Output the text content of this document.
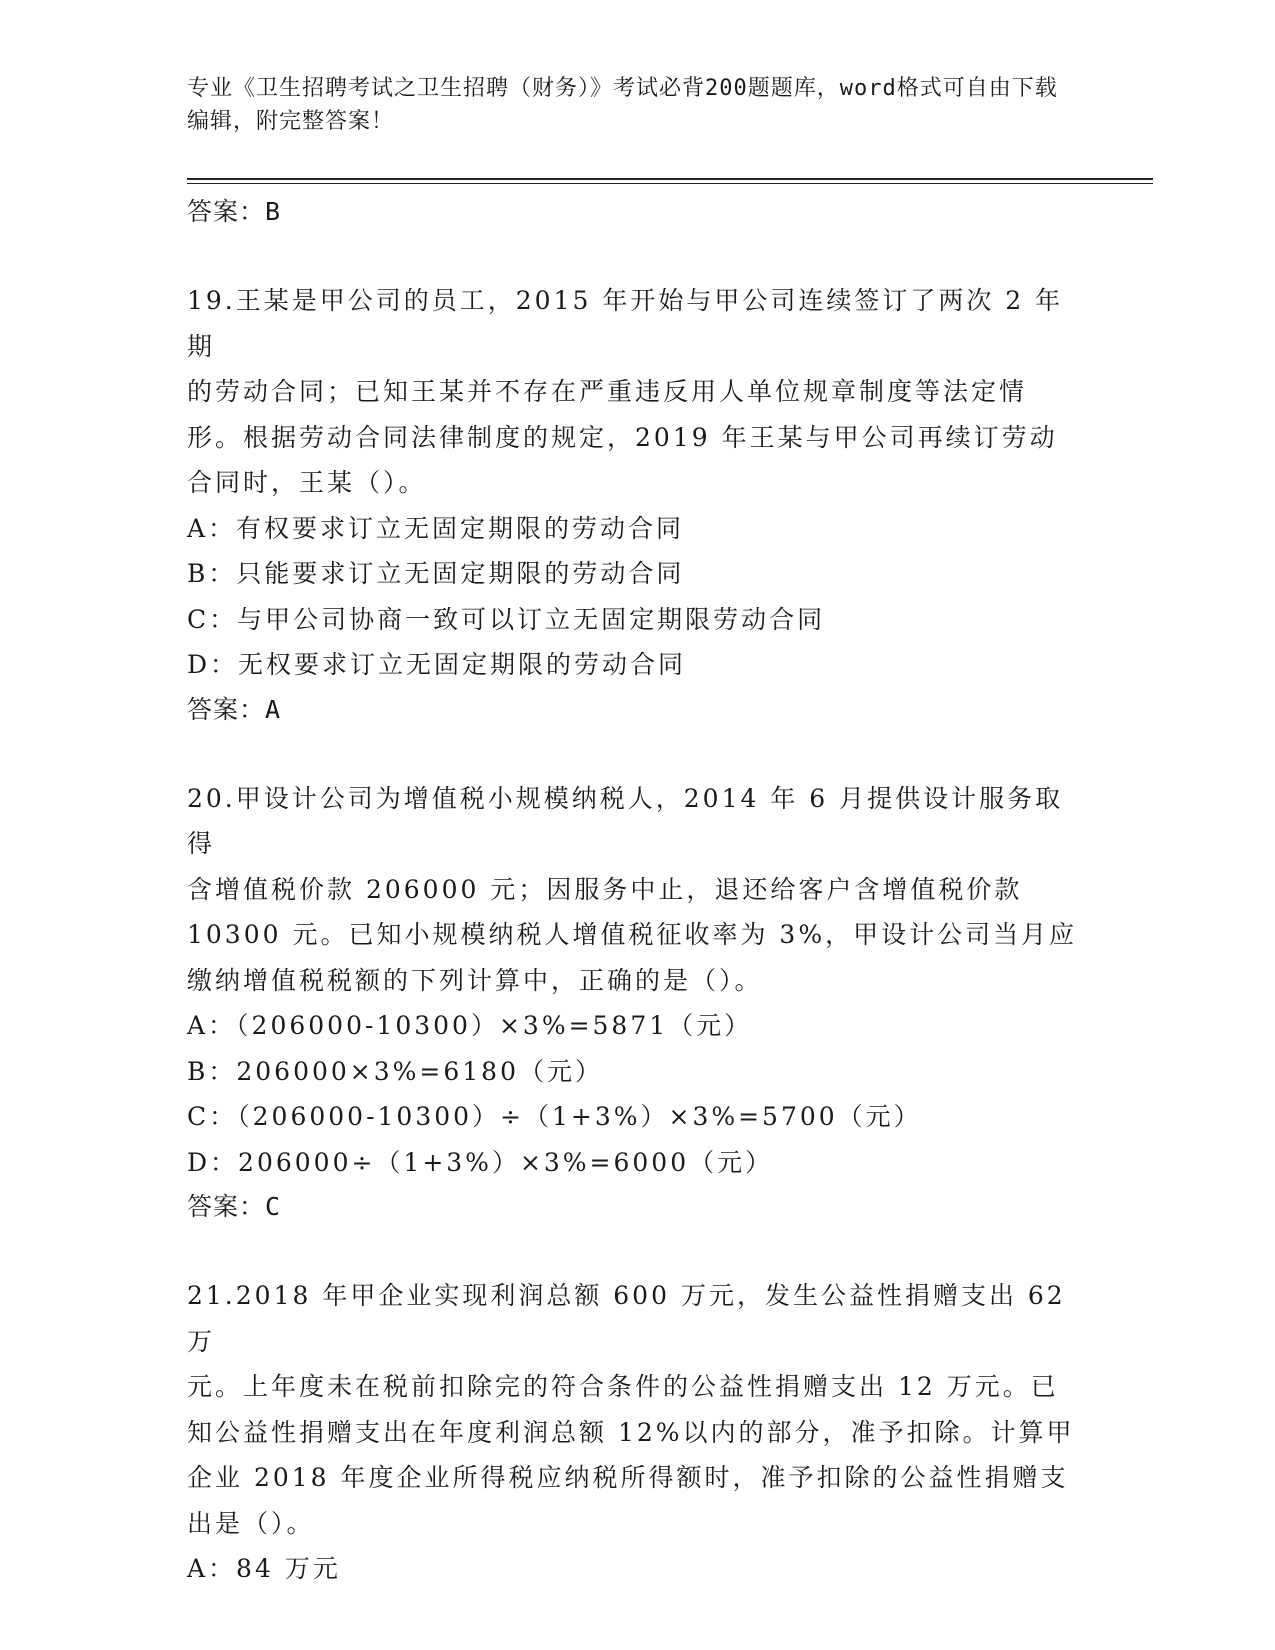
专业《卫生招聘考试之卫生招聘（财务）》考试必背200题题库，word格式可自由下载编辑，附完整答案！
答案：B
19.王某是甲公司的员工，2015 年开始与甲公司连续签订了两次 2 年期
的劳动合同；已知王某并不存在严重违反用人单位规章制度等法定情
形。根据劳动合同法律制度的规定，2019 年王某与甲公司再续订劳动
合同时，王某（）。
A：有权要求订立无固定期限的劳动合同
B：只能要求订立无固定期限的劳动合同
C：与甲公司协商一致可以订立无固定期限劳动合同
D：无权要求订立无固定期限的劳动合同
答案：A
20.甲设计公司为增值税小规模纳税人，2014 年 6 月提供设计服务取得
含增值税价款 206000 元；因服务中止，退还给客户含增值税价款
10300 元。已知小规模纳税人增值税征收率为 3%，甲设计公司当月应
缴纳增值税税额的下列计算中，正确的是（）。
A：（206000-10300）×3%=5871（元）
B：206000×3%=6180（元）
C：（206000-10300）÷（1+3%）×3%=5700（元）
D：206000÷（1+3%）×3%=6000（元）
答案：C
21.2018 年甲企业实现利润总额 600 万元，发生公益性捐赠支出 62 万
元。上年度未在税前扣除完的符合条件的公益性捐赠支出 12 万元。已
知公益性捐赠支出在年度利润总额 12%以内的部分，准予扣除。计算甲
企业 2018 年度企业所得税应纳税所得额时，准予扣除的公益性捐赠支
出是（）。
A：84 万元
